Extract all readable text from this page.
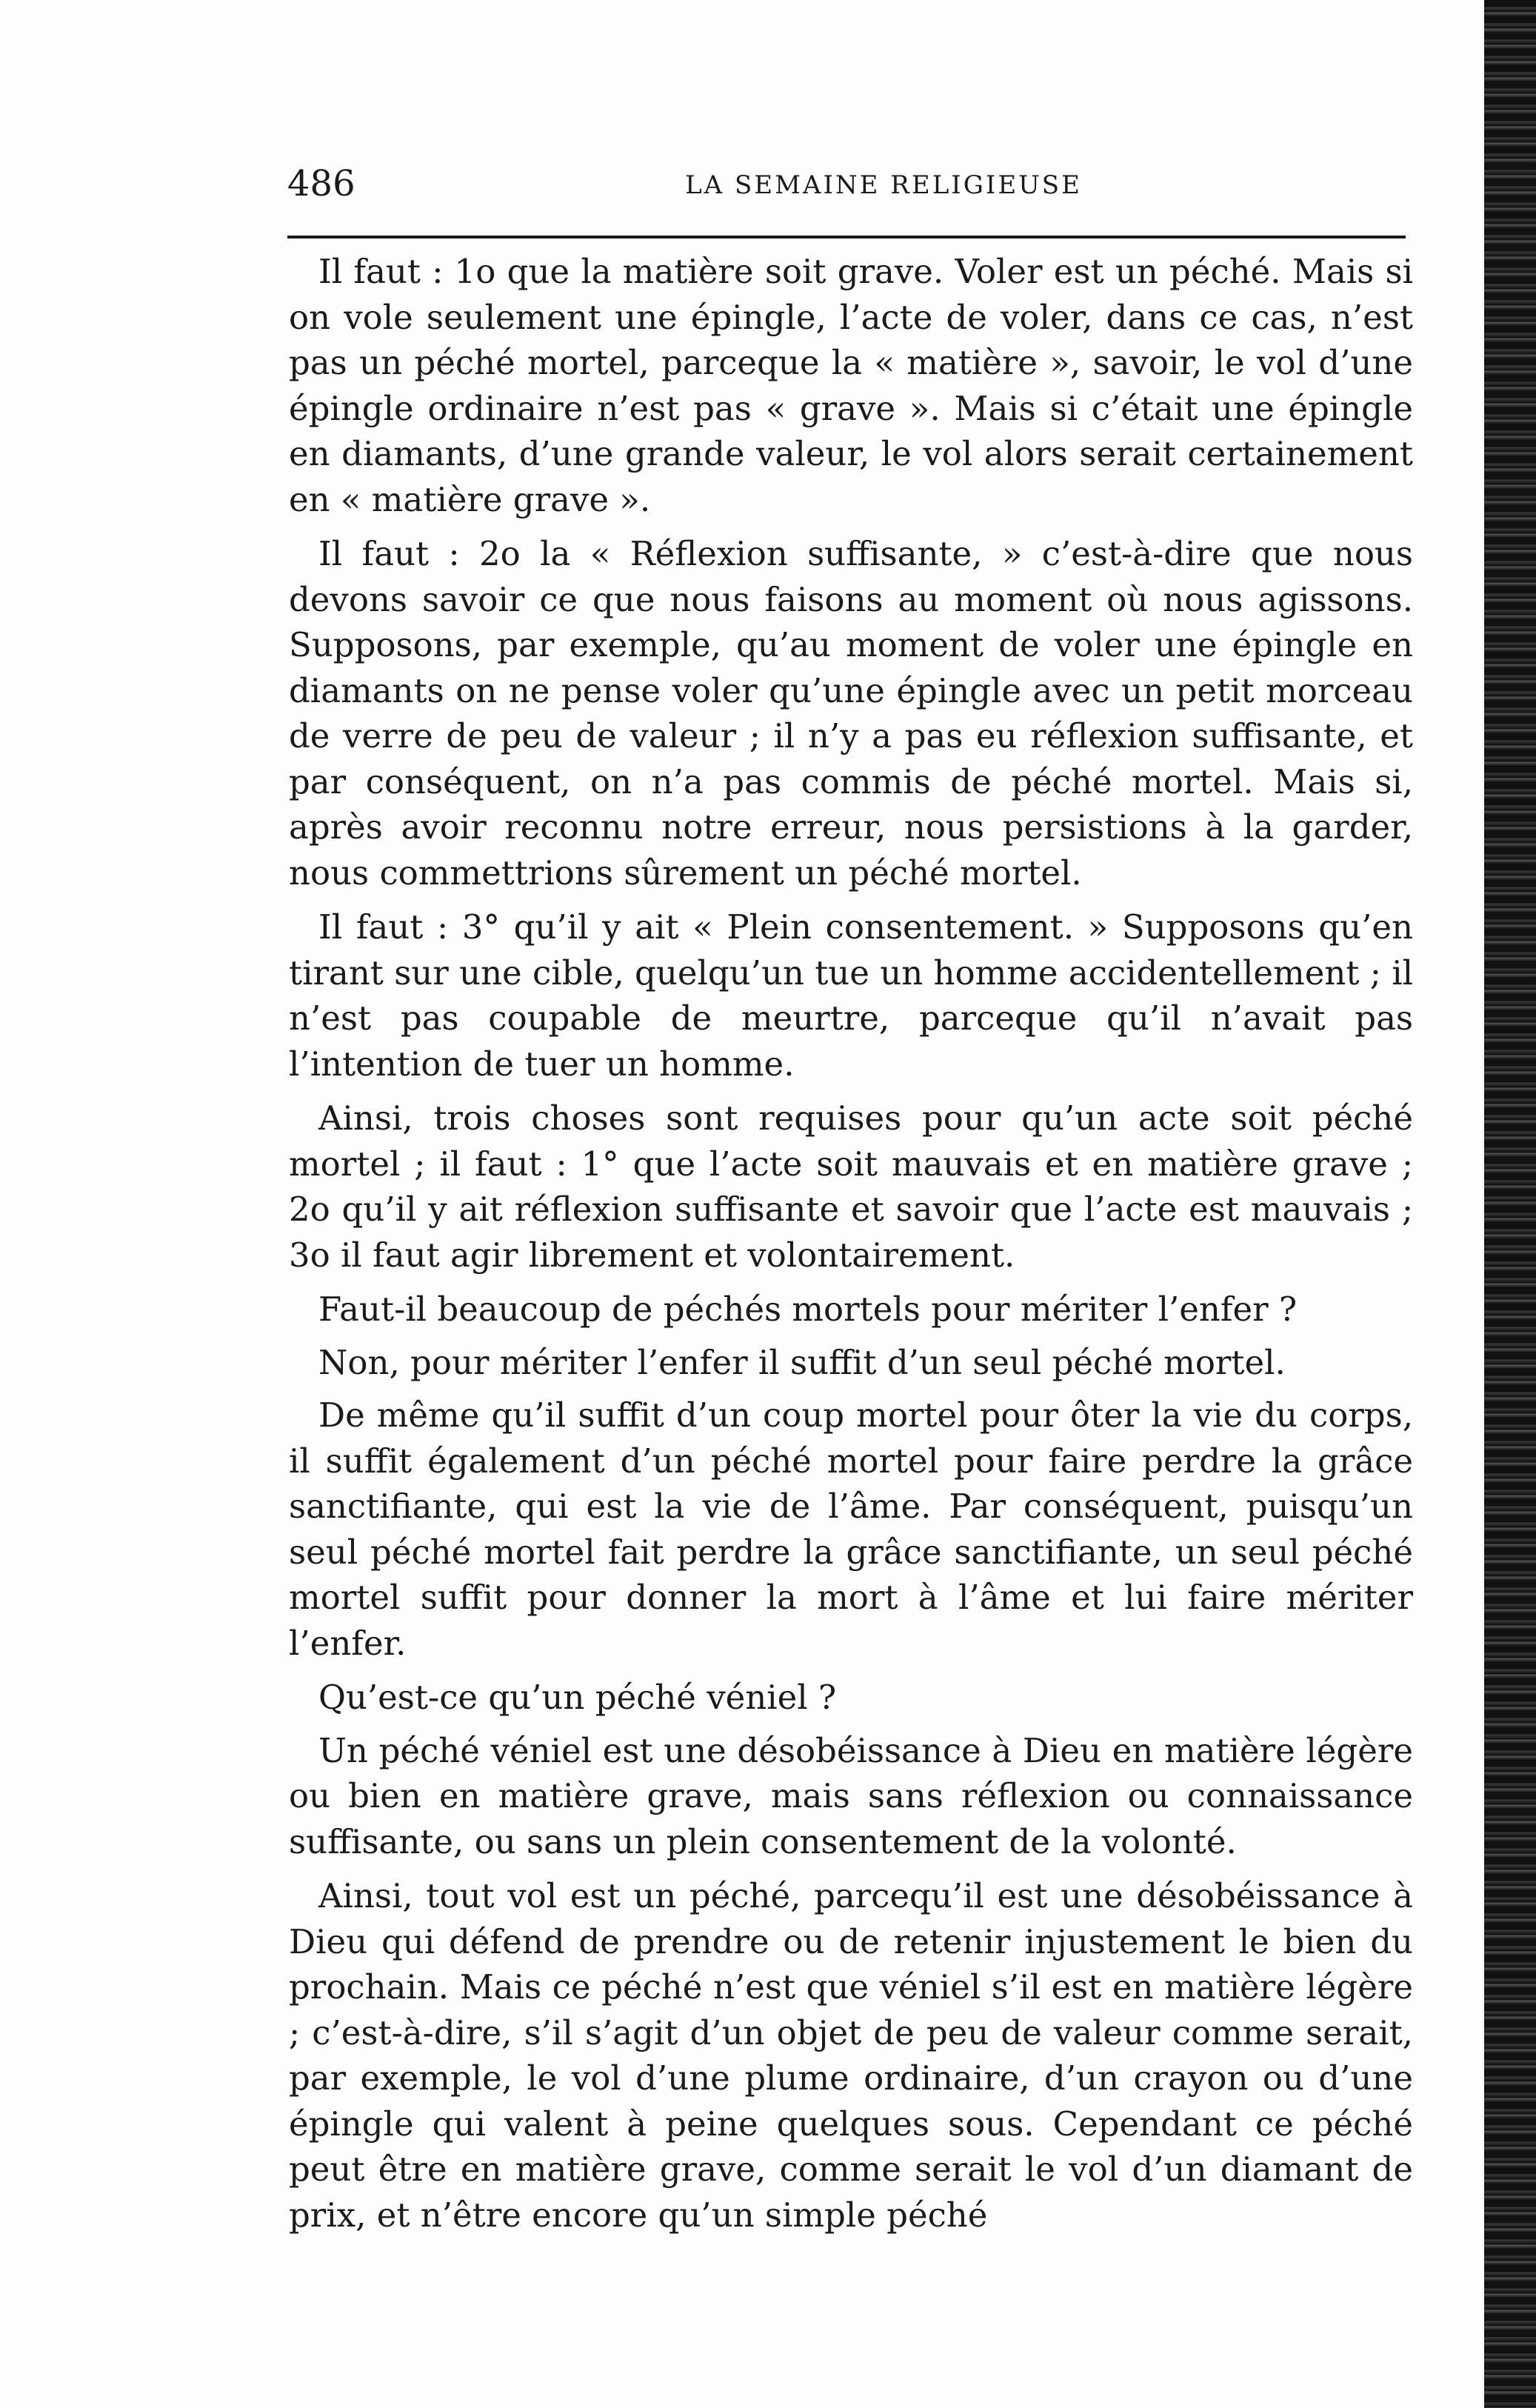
486	LA SEMAINE RELIGIEUSE

Il faut : 1o que la matière soit grave. Voler est un péché. Mais si on vole seulement une épingle, l’acte de voler, dans ce cas, n’est pas un péché mortel, parceque la « matière », savoir, le vol d’une épingle ordinaire n’est pas « grave ». Mais si c’était une épingle en diamants, d’une grande valeur, le vol alors serait certainement en « matière grave ».

Il faut : 2o la « Réflexion suffisante, » c’est-à-dire que nous devons savoir ce que nous faisons au moment où nous agissons. Supposons, par exemple, qu’au moment de voler une épingle en diamants on ne pense voler qu’une épingle avec un petit morceau de verre de peu de valeur ; il n’y a pas eu réflexion suffisante, et par conséquent, on n’a pas commis de péché mortel. Mais si, après avoir reconnu notre erreur, nous persistions à la garder, nous commettrions sûrement un péché mortel.

Il faut : 3° qu’il y ait « Plein consentement. » Supposons qu’en tirant sur une cible, quelqu’un tue un homme accidentellement ; il n’est pas coupable de meurtre, parceque qu’il n’avait pas l’intention de tuer un homme.

Ainsi, trois choses sont requises pour qu’un acte soit péché mortel ; il faut : 1° que l’acte soit mauvais et en matière grave ; 2o qu’il y ait réflexion suffisante et savoir que l’acte est mauvais ; 3o il faut agir librement et volontairement.

Faut-il beaucoup de péchés mortels pour mériter l’enfer ?

Non, pour mériter l’enfer il suffit d’un seul péché mortel.

De même qu’il suffit d’un coup mortel pour ôter la vie du corps, il suffit également d’un péché mortel pour faire perdre la grâce sanctifiante, qui est la vie de l’âme. Par conséquent, puisqu’un seul péché mortel fait perdre la grâce sanctifiante, un seul péché mortel suffit pour donner la mort à l’âme et lui faire mériter l’enfer.

Qu’est-ce qu’un péché véniel ?

Un péché véniel est une désobéissance à Dieu en matière légère ou bien en matière grave, mais sans réflexion ou connaissance suffisante, ou sans un plein consentement de la volonté.

Ainsi, tout vol est un péché, parcequ’il est une désobéissance à Dieu qui défend de prendre ou de retenir injustement le bien du prochain. Mais ce péché n’est que véniel s’il est en matière légère ; c’est-à-dire, s’il s’agit d’un objet de peu de valeur comme serait, par exemple, le vol d’une plume ordinaire, d’un crayon ou d’une épingle qui valent à peine quelques sous. Cependant ce péché peut être en matière grave, comme serait le vol d’un diamant de prix, et n’être encore qu’un simple péché
